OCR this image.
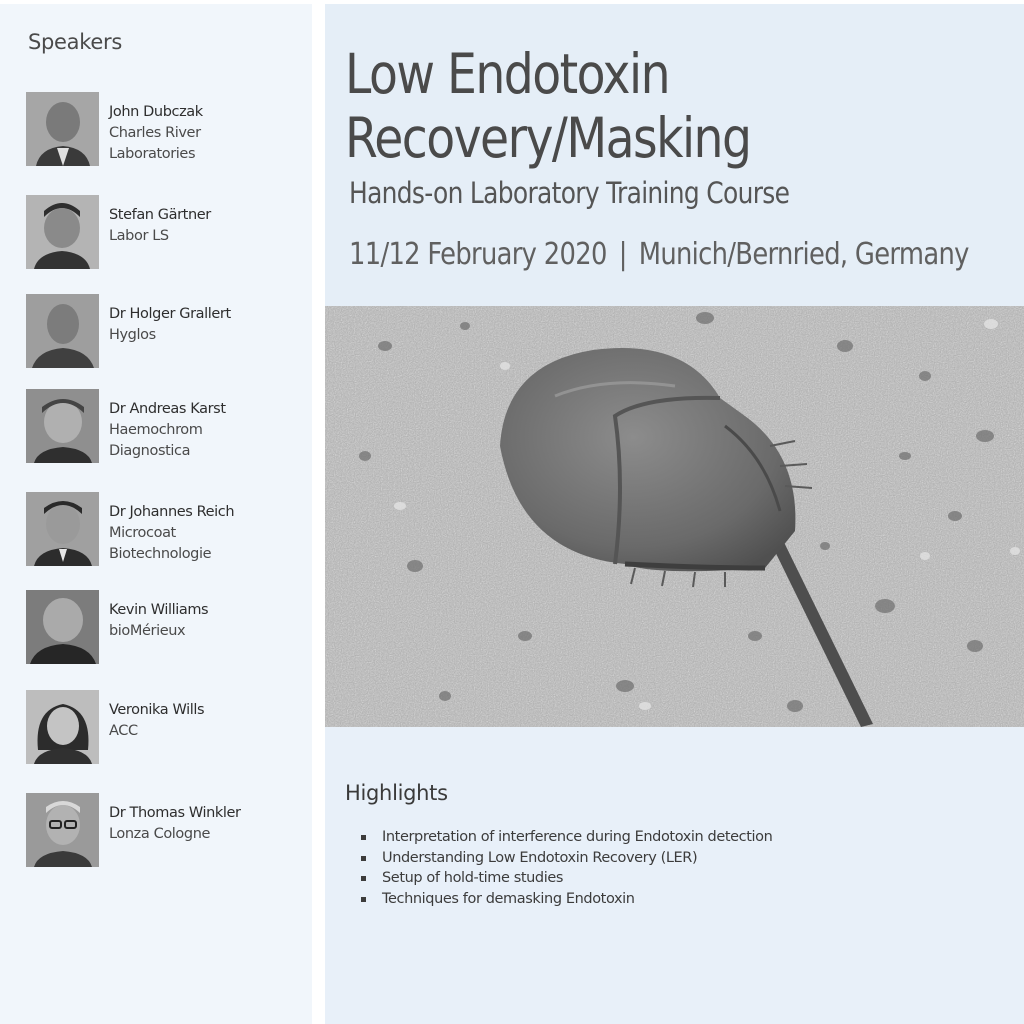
Speakers
John Dubczak
Charles River
Laboratories
Stefan Gärtner
Labor LS
Dr Holger Grallert
Hyglos
Dr Andreas Karst
Haemochrom
Diagnostica
Dr Johannes Reich
Microcoat
Biotechnologie
Kevin Williams
bioMérieux
Veronika Wills
ACC
Dr Thomas Winkler
Lonza Cologne
Low Endotoxin
Recovery/Masking
Hands-on Laboratory Training Course
11/12 February 2020 | Munich/Bernried, Germany
Highlights
Interpretation of interference during Endotoxin detection
Understanding Low Endotoxin Recovery (LER)
Setup of hold-time studies
Techniques for demasking Endotoxin
